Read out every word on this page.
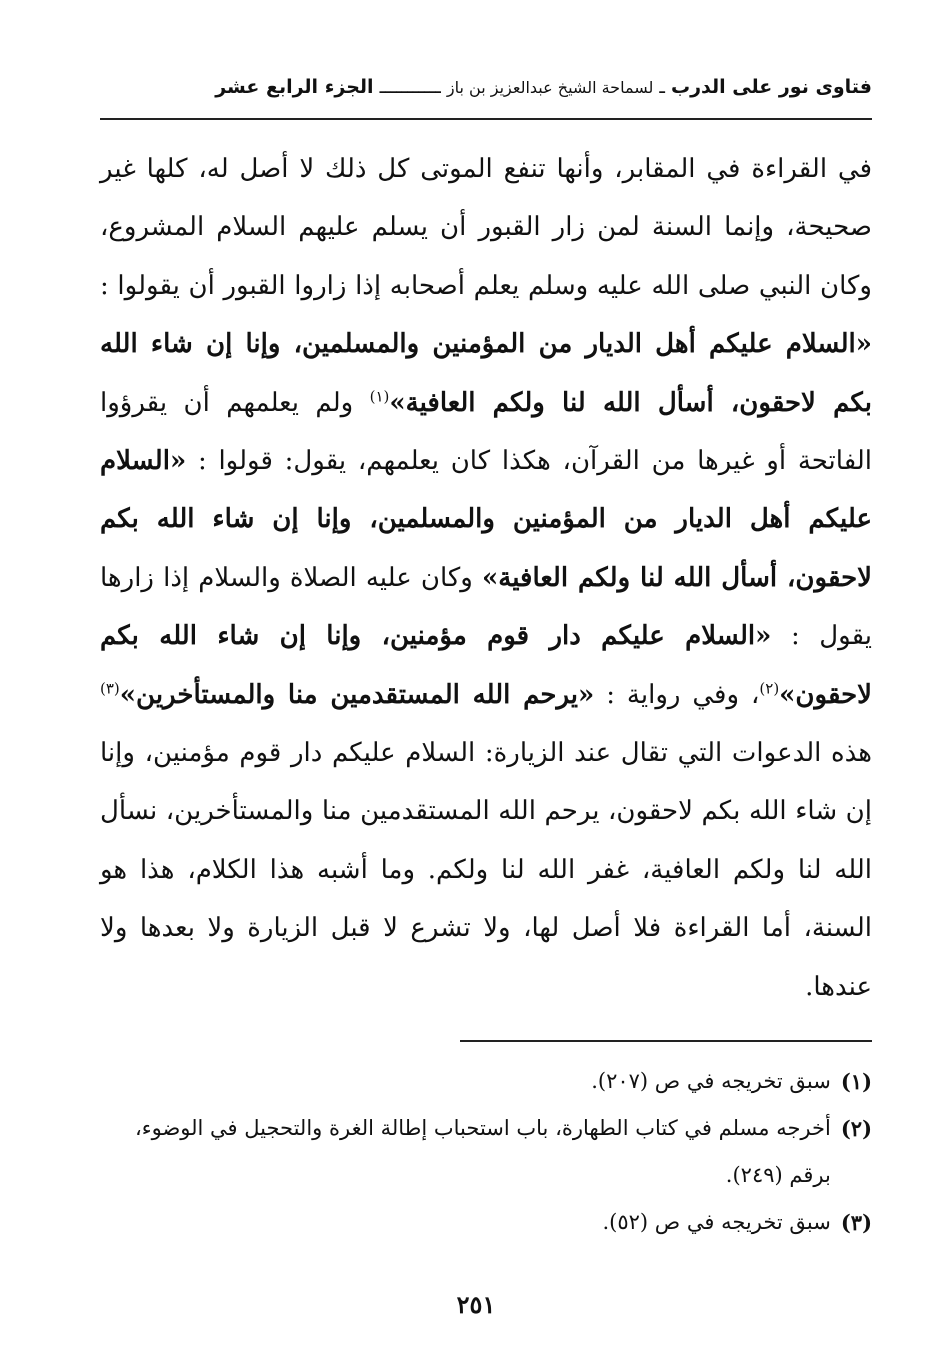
فتاوى نور على الدرب ـ لسماحة الشيخ عبدالعزيز بن باز ـــــــــــ الجزء الرابع عشر

في القراءة في المقابر، وأنها تنفع الموتى كل ذلك لا أصل له، كلها غير صحيحة، وإنما السنة لمن زار القبور أن يسلم عليهم السلام المشروع، وكان النبي صلى الله عليه وسلم يعلم أصحابه إذا زاروا القبور أن يقولوا : «السلام عليكم أهل الديار من المؤمنين والمسلمين، وإنا إن شاء الله بكم لاحقون، أسأل الله لنا ولكم العافية»$^{(١)}$ ولم يعلمهم أن يقرؤوا الفاتحة أو غيرها من القرآن، هكذا كان يعلمهم، يقول: قولوا : «السلام عليكم أهل الديار من المؤمنين والمسلمين، وإنا إن شاء الله بكم لاحقون، أسأل الله لنا ولكم العافية» وكان عليه الصلاة والسلام إذا زارها يقول : «السلام عليكم دار قوم مؤمنين، وإنا إن شاء الله بكم لاحقون»$^{(٢)}$، وفي رواية : «يرحم الله المستقدمين منا والمستأخرين»$^{(٣)}$ هذه الدعوات التي تقال عند الزيارة: السلام عليكم دار قوم مؤمنين، وإنا إن شاء الله بكم لاحقون، يرحم الله المستقدمين منا والمستأخرين، نسأل الله لنا ولكم العافية، غفر الله لنا ولكم. وما أشبه هذا الكلام، هذا هو السنة، أما القراءة فلا أصل لها، ولا تشرع لا قبل الزيارة ولا بعدها ولا عندها.

(١)
سبق تخريجه في ص (٢٠٧).
(٢)
أخرجه مسلم في كتاب الطهارة، باب استحباب إطالة الغرة والتحجيل في الوضوء، برقم (٢٤٩).
(٣)
سبق تخريجه في ص (٥٢).
٢٥١
